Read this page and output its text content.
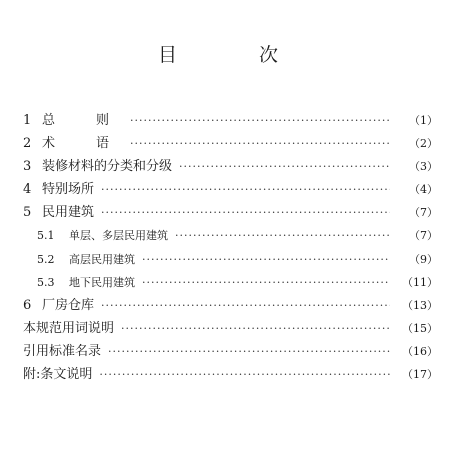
目 次
1 总　则 ·····	（1）
2 术　语 ·····	（2）
3 装修材料的分类和分级 ·····	（3）
4 特别场所 ·····	（4）
5 民用建筑 ·····	（7）
5.1	单层、多层民用建筑 ·····	（7）
5.2	高层民用建筑 ·····	（9）
5.3	地下民用建筑 ·····	（11）
6 厂房仓库 ·····	（13）
本规范用词说明 ·····	（15）
引用标准名录 ·····	（16）
附:条文说明 ·····	（17）
